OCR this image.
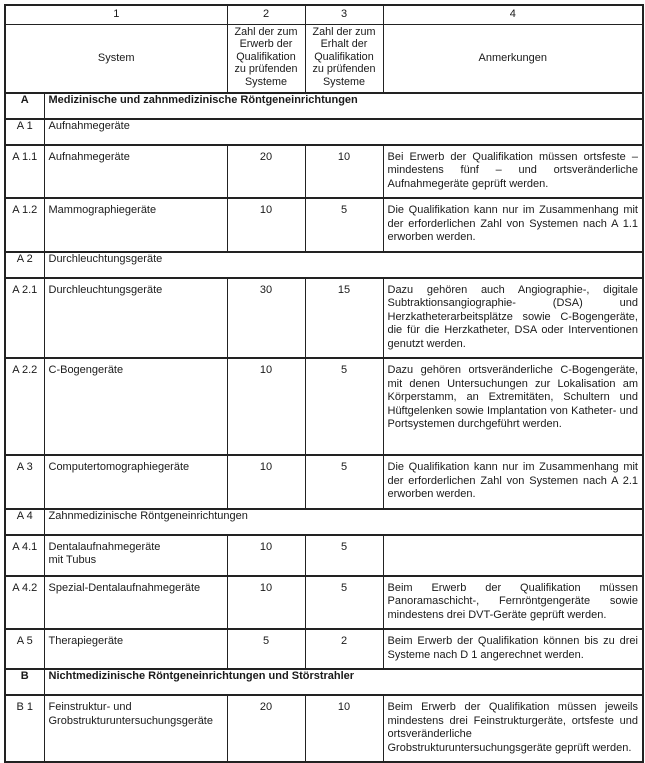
1		2	3	4
System		Zahl der zum Erwerb der Qualifikation zu prüfenden Systeme	Zahl der zum Erhalt der Qualifikation zu prüfenden Systeme	Anmerkungen
A	Medizinische und zahnmedizinische Röntgeneinrichtungen			
A 1	Aufnahmegeräte			
A 1.1	Aufnahmegeräte	20	10	Bei Erwerb der Qualifikation müssen ortsfeste – mindestens fünf – und ortsveränderliche Aufnahmegeräte geprüft werden.
A 1.2	Mammographiegeräte	10	5	Die Qualifikation kann nur im Zusammenhang mit der erforderlichen Zahl von Systemen nach A 1.1 erworben werden.
A 2	Durchleuchtungsgeräte			
A 2.1	Durchleuchtungsgeräte	30	15	Dazu gehören auch Angiographie-, digitale Subtraktionsangiographie- (DSA) und Herzkatheterarbeitsplätze sowie C-Bogengeräte, die für die Herzkatheter, DSA oder Interventionen genutzt werden.
A 2.2	C-Bogengeräte	10	5	Dazu gehören ortsveränderliche C-Bogengeräte, mit denen Untersuchungen zur Lokalisation am Körperstamm, an Extremitäten, Schultern und Hüftgelenken sowie Implantation von Katheter- und Portsystemen durchgeführt werden.
A 3	Computertomographiegeräte	10	5	Die Qualifikation kann nur im Zusammenhang mit der erforderlichen Zahl von Systemen nach A 2.1 erworben werden.
A 4	Zahnmedizinische Röntgeneinrichtungen			
A 4.1	Dentalaufnahmegeräte mit Tubus	10	5	
A 4.2	Spezial-Dentalaufnahmegeräte	10	5	Beim Erwerb der Qualifikation müssen Panoramaschicht-, Fernröntgengeräte sowie mindestens drei DVT-Geräte geprüft werden.
A 5	Therapiegeräte	5	2	Beim Erwerb der Qualifikation können bis zu drei Systeme nach D 1 angerechnet werden.
B	Nichtmedizinische Röntgeneinrichtungen und Störstrahler			
B 1	Feinstruktur- und Grobstrukturuntersuchungsgeräte	20	10	Beim Erwerb der Qualifikation müssen jeweils mindestens drei Feinstrukturgeräte, ortsfeste und ortsveränderliche Grobstrukturuntersuchungsgeräte geprüft werden.
